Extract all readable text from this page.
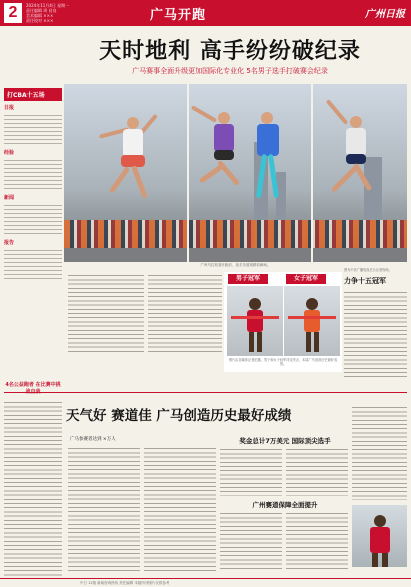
2	2024年11月4日 星期一
责任编辑 周 昌良
美术编辑 ×××
责任校对 ×××	广马开跑	广州日报
天时地利 高手纷纷破纪录
广马赛事全面升级更加国际化专业化 5名男子选手打破赛会纪录
打CBA十五场
日报
经验
新闻
报告
广州马拉松赛开跑后，选手各展现精彩瞬间。
男子冠军	女子冠军
图片由各媒体记者拍摄。男子和女子冠军冲过终点，本届广马创造历史最好成绩。
图为中央广播电视总台记者现场。
力争十五冠军
4名公益跑者 在比赛中挑战自我
天气好 赛道佳 广马创造历史最好成绩
广马参赛者达到 ×万人	奖金总计7万美元 国际顶尖选手
广州赛道保障全面提升
中日 12版 新闻咨询热线 责任编辑 本版所刊图片仅供参考
